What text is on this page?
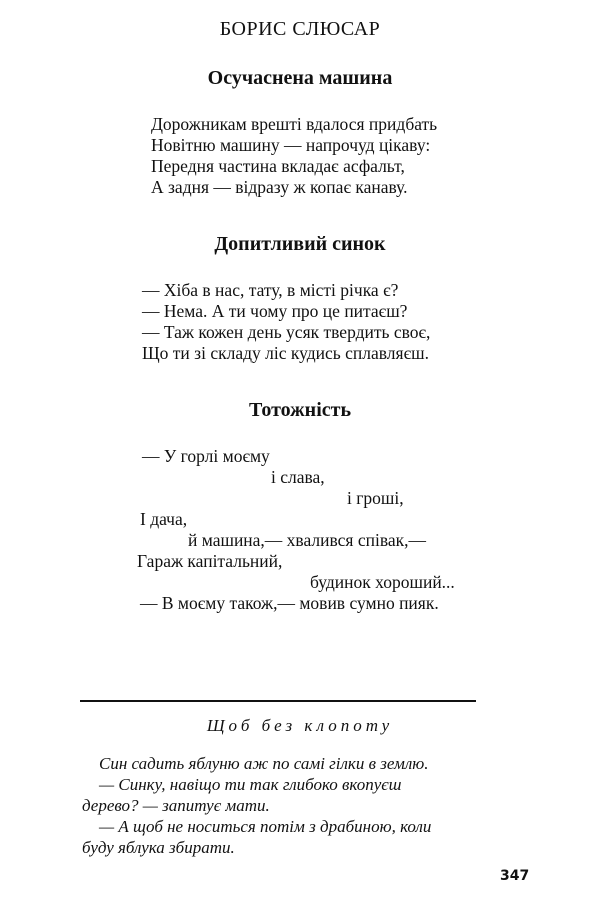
БОРИС СЛЮСАР
Осучаснена машина
Дорожникам врешті вдалося придбать
Новітню машину — напрочуд цікаву:
Передня частина вкладає асфальт,
А задня — відразу ж копає канаву.
Допитливий синок
— Хіба в нас, тату, в місті річка є?
— Нема. А ти чому про це питаєш?
— Таж кожен день усяк твердить своє,
Що ти зі складу ліс кудись сплавляєш.
Тотожність
— У горлі моєму
і слава,
і гроші,
І дача,
й машина,— хвалився співак,—
Гараж капітальний,
будинок хороший...
— В моєму також,— мовив сумно пияк.
Щоб без клопоту
Син садить яблуню аж по самі гілки в землю.
— Синку, навіщо ти так глибоко вкопуєш
дерево? — запитує мати.
— А щоб не носиться потім з драбиною, коли
буду яблука збирати.
347
